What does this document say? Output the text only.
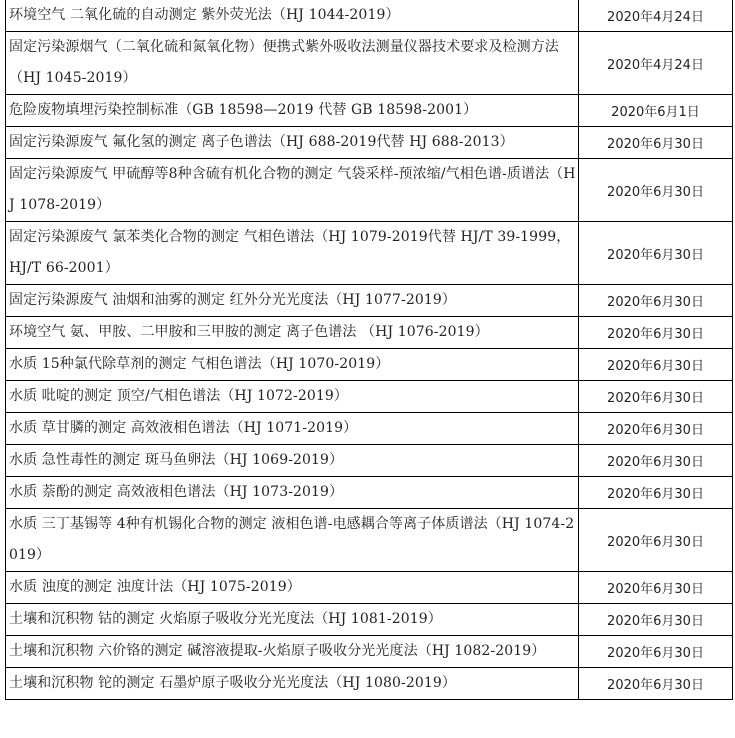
环境空气 二氧化硫的自动测定 紫外荧光法（HJ 1044-2019）	2020年4月24日
固定污染源烟气（二氧化硫和氮氧化物）便携式紫外吸收法测量仪器技术要求及检测方法（HJ 1045-2019）	2020年4月24日
危险废物填埋污染控制标准（GB 18598—2019 代替 GB 18598-2001）	2020年6月1日
固定污染源废气 氟化氢的测定 离子色谱法（HJ 688-2019代替 HJ 688-2013）	2020年6月30日
固定污染源废气 甲硫醇等8种含硫有机化合物的测定 气袋采样-预浓缩/气相色谱-质谱法（HJ 1078-2019）	2020年6月30日
固定污染源废气 氯苯类化合物的测定 气相色谱法（HJ 1079-2019代替 HJ/T 39-1999，HJ/T 66-2001）	2020年6月30日
固定污染源废气 油烟和油雾的测定 红外分光光度法（HJ 1077-2019）	2020年6月30日
环境空气 氨、甲胺、二甲胺和三甲胺的测定 离子色谱法 （HJ 1076-2019）	2020年6月30日
水质 15种氯代除草剂的测定 气相色谱法（HJ 1070-2019）	2020年6月30日
水质 吡啶的测定 顶空/气相色谱法（HJ 1072-2019）	2020年6月30日
水质 草甘膦的测定 高效液相色谱法（HJ 1071-2019）	2020年6月30日
水质 急性毒性的测定 斑马鱼卵法（HJ 1069-2019）	2020年6月30日
水质 萘酚的测定 高效液相色谱法（HJ 1073-2019）	2020年6月30日
水质 三丁基锡等 4种有机锡化合物的测定 液相色谱-电感耦合等离子体质谱法（HJ 1074-2019）	2020年6月30日
水质 浊度的测定 浊度计法（HJ 1075-2019）	2020年6月30日
土壤和沉积物 钴的测定 火焰原子吸收分光光度法（HJ 1081-2019）	2020年6月30日
土壤和沉积物 六价铬的测定 碱溶液提取-火焰原子吸收分光光度法（HJ 1082-2019）	2020年6月30日
土壤和沉积物 铊的测定 石墨炉原子吸收分光光度法（HJ 1080-2019）	2020年6月30日
